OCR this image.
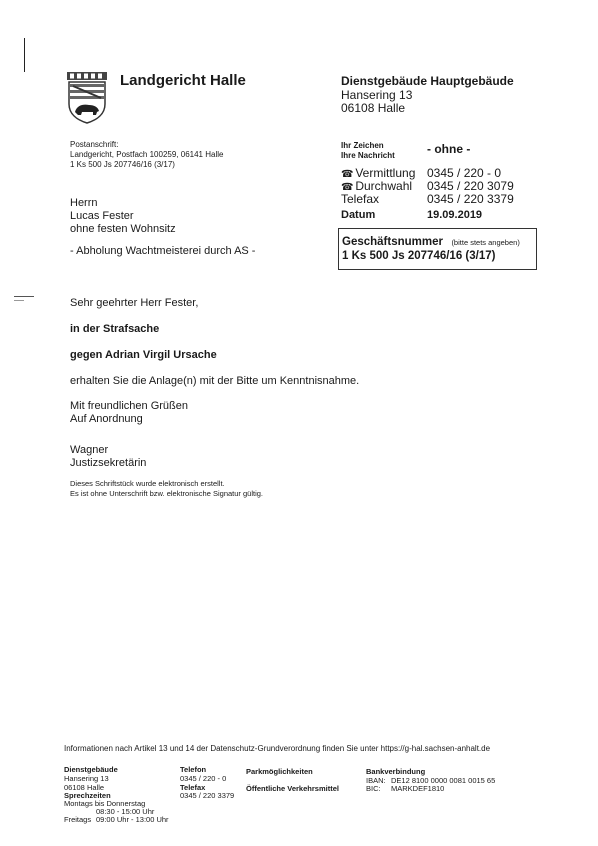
Landgericht Halle	Dienstgebäude Hauptgebäude
Hansering 13
06108 Halle
Postanschrift:
Landgericht, Postfach 100259, 06141 Halle
1 Ks 500 Js 207746/16 (3/17)
Herrn
Lucas Fester
ohne festen Wohnsitz
- Abholung Wachtmeisterei durch AS -
Ihr Zeichen
Ihre Nachricht	- ohne -
☎ Vermittlung 0345 / 220 - 0
☎ Durchwahl 0345 / 220 3079
Telefax	0345 / 220 3379
Datum	19.09.2019
Geschäftsnummer (bitte stets angeben)
1 Ks 500 Js 207746/16 (3/17)
Sehr geehrter Herr Fester,
in der Strafsache
gegen Adrian Virgil Ursache
erhalten Sie die Anlage(n) mit der Bitte um Kenntnisnahme.
Mit freundlichen Grüßen
Auf Anordnung
Wagner
Justizsekretärin
Dieses Schriftstück wurde elektronisch erstellt.
Es ist ohne Unterschrift bzw. elektronische Signatur gültig.
Informationen nach Artikel 13 und 14 der Datenschutz-Grundverordnung finden Sie unter https://g-hal.sachsen-anhalt.de
Dienstgebäude
Hansering 13
06108 Halle
Sprechzeiten
Montags bis Donnerstag
08:30 - 15:00 Uhr
Freitags 09:00 Uhr - 13:00 Uhr
Telefon
0345 / 220 - 0
Telefax
0345 / 220 3379
Parkmöglichkeiten
Öffentliche Verkehrsmittel
Bankverbindung
IBAN: DE12 8100 0000 0081 0015 65
BIC: MARKDEF1810
